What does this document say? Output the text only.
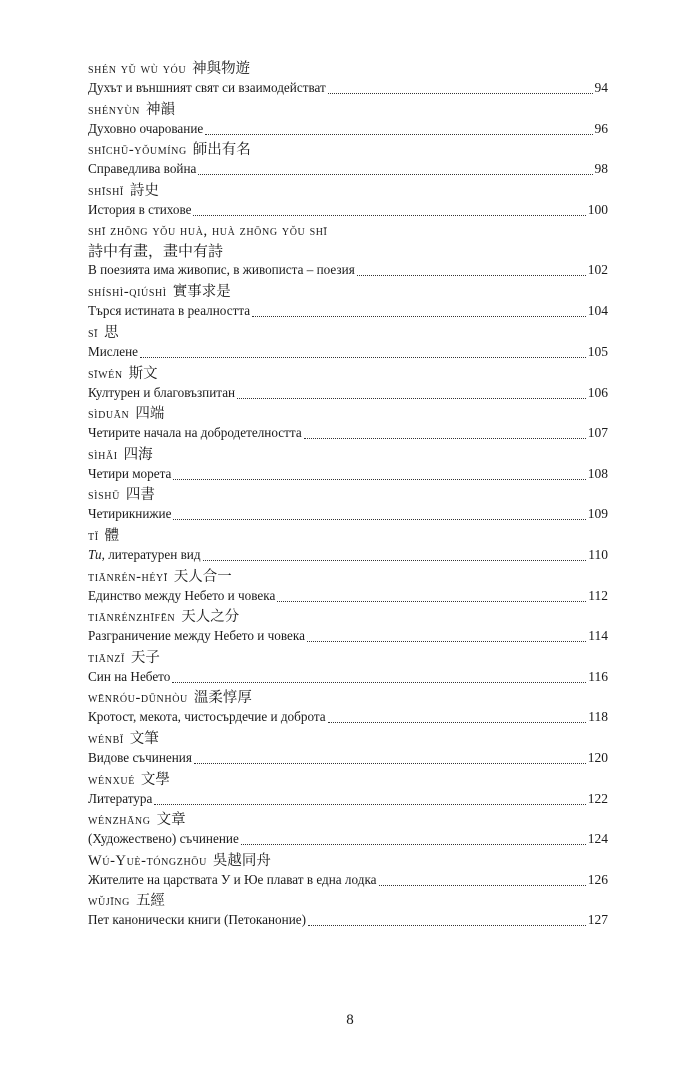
shén yǔ wù yóu 神與物遊
Духът и външният свят си взаимодействат	94
shényùn 神韻
Духовно очарование	96
shīchū-yǒumíng 師出有名
Справедлива война	98
shīshǐ 詩史
История в стихове	100
shī zhōng yǒu huà, huà zhōng yǒu shī
詩中有畫，畫中有詩
В поезията има живопис, в живописта – поезия	102
shíshì-qiúshì 實事求是
Търся истината в реалността	104
sī 思
Мислене	105
sīwén 斯文
Културен и благовъзпитан	106
sìduān 四端
Четирите начала на добродетелността	107
sìhǎi 四海
Четири морета	108
sìshū 四書
Четирикнижие	109
tǐ 體
Ти, литературен вид	110
tiānrén-héyī 天人合一
Единство между Небето и човека	112
tiānrénzhīfēn 天人之分
Разграничение между Небето и човека	114
tiānzǐ 天子
Син на Небето	116
wēnróu-dūnhòu 溫柔惇厚
Кротост, мекота, чистосърдечие и доброта	118
wénbǐ 文筆
Видове съчинения	120
wénxué 文學
Литература	122
wénzhāng 文章
(Художествено) съчинение	124
Wú-Yuè-tóngzhōu 吳越同舟
Жителите на царствата У и Юе плават в една лодка	126
wǔjīng 五經
Пет канонически книги (Петоканоние)	127
8
